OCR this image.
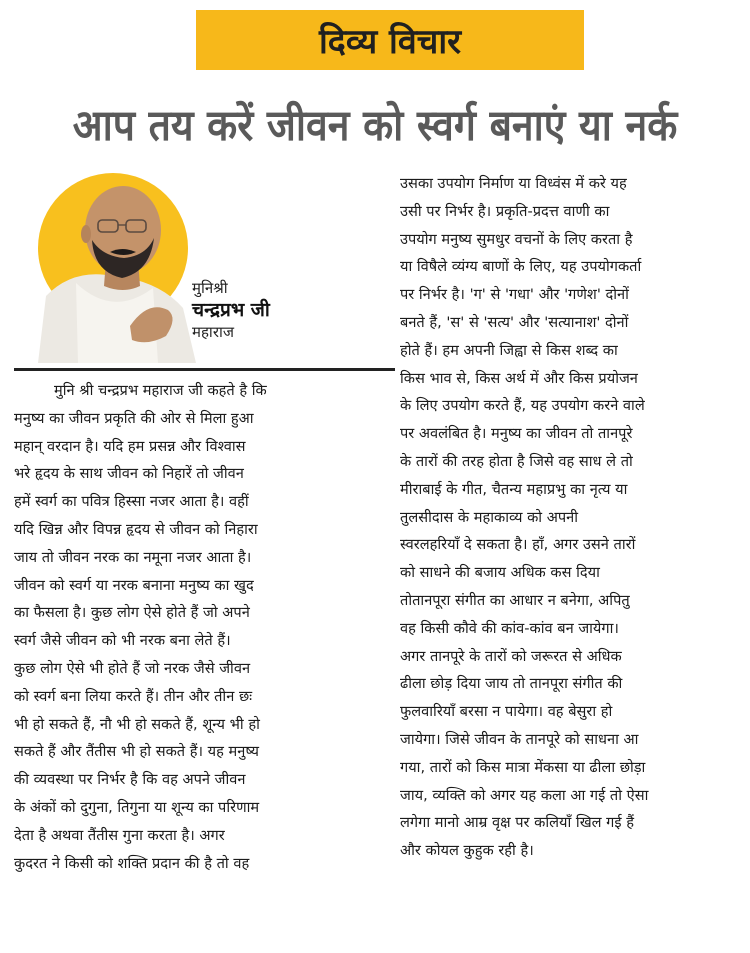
दिव्य विचार
आप तय करें जीवन को स्वर्ग बनाएं या नर्क
मुनिश्री
चन्द्रप्रभ जी
महाराज
मुनि श्री चन्द्रप्रभ महाराज जी कहते है कि
मनुष्य का जीवन प्रकृति की ओर से मिला हुआ
महान् वरदान है। यदि हम प्रसन्न और विश्वास
भरे हृदय के साथ जीवन को निहारें तो जीवन
हमें स्वर्ग का पवित्र हिस्सा नजर आता है। वहीं
यदि खिन्न और विपन्न हृदय से जीवन को निहारा
जाय तो जीवन नरक का नमूना नजर आता है।
जीवन को स्वर्ग या नरक बनाना मनुष्य का खुद
का फैसला है। कुछ लोग ऐसे होते हैं जो अपने
स्वर्ग जैसे जीवन को भी नरक बना लेते हैं।
कुछ लोग ऐसे भी होते हैं जो नरक जैसे जीवन
को स्वर्ग बना लिया करते हैं। तीन और तीन छः
भी हो सकते हैं, नौ भी हो सकते हैं, शून्य भी हो
सकते हैं और तैंतीस भी हो सकते हैं। यह मनुष्य
की व्यवस्था पर निर्भर है कि वह अपने जीवन
के अंकों को दुगुना, तिगुना या शून्य का परिणाम
देता है अथवा तैंतीस गुना करता है। अगर
कुदरत ने किसी को शक्ति प्रदान की है तो वह
उसका उपयोग निर्माण या विध्वंस में करे यह
उसी पर निर्भर है। प्रकृति-प्रदत्त वाणी का
उपयोग मनुष्य सुमधुर वचनों के लिए करता है
या विषैले व्यंग्य बाणों के लिए, यह उपयोगकर्ता
पर निर्भर है। 'ग' से 'गधा' और 'गणेश' दोनों
बनते हैं, 'स' से 'सत्य' और 'सत्यानाश' दोनों
होते हैं। हम अपनी जिह्वा से किस शब्द का
किस भाव से, किस अर्थ में और किस प्रयोजन
के लिए उपयोग करते हैं, यह उपयोग करने वाले
पर अवलंबित है। मनुष्य का जीवन तो तानपूरे
के तारों की तरह होता है जिसे वह साध ले तो
मीराबाई के गीत, चैतन्य महाप्रभु का नृत्य या
तुलसीदास के महाकाव्य को अपनी
स्वरलहरियाँ दे सकता है। हाँ, अगर उसने तारों
को साधने की बजाय अधिक कस दिया
तोतानपूरा संगीत का आधार न बनेगा, अपितु
वह किसी कौवे की कांव-कांव बन जायेगा।
अगर तानपूरे के तारों को जरूरत से अधिक
ढीला छोड़ दिया जाय तो तानपूरा संगीत की
फुलवारियाँ बरसा न पायेगा। वह बेसुरा हो
जायेगा। जिसे जीवन के तानपूरे को साधना आ
गया, तारों को किस मात्रा मेंकसा या ढीला छोड़ा
जाय, व्यक्ति को अगर यह कला आ गई तो ऐसा
लगेगा मानो आम्र वृक्ष पर कलियाँ खिल गई हैं
और कोयल कुहुक रही है।
